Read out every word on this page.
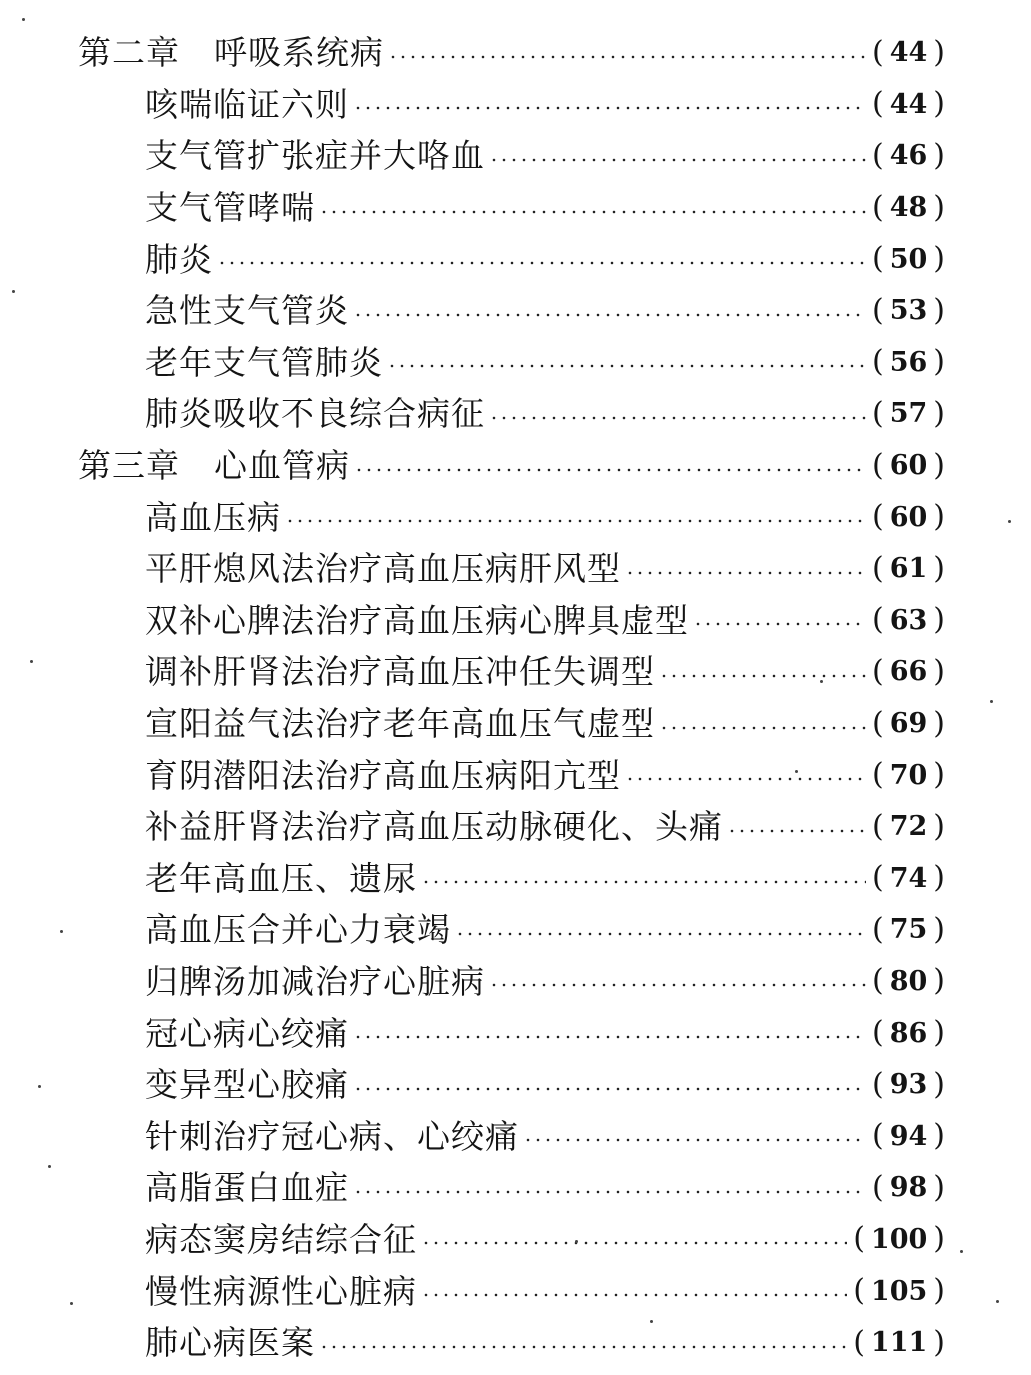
第二章 呼吸系统病	( 44 )
咳喘临证六则	( 44 )
支气管扩张症并大咯血	( 46 )
支气管哮喘	( 48 )
肺炎	( 50 )
急性支气管炎	( 53 )
老年支气管肺炎	( 56 )
肺炎吸收不良综合病征	( 57 )
第三章 心血管病	( 60 )
高血压病	( 60 )
平肝熄风法治疗高血压病肝风型	( 61 )
双补心脾法治疗高血压病心脾具虚型	( 63 )
调补肝肾法治疗高血压冲任失调型	( 66 )
宣阳益气法治疗老年高血压气虚型	( 69 )
育阴潜阳法治疗高血压病阳亢型	( 70 )
补益肝肾法治疗高血压动脉硬化、头痛	( 72 )
老年高血压、遗尿	( 74 )
高血压合并心力衰竭	( 75 )
归脾汤加减治疗心脏病	( 80 )
冠心病心绞痛	( 86 )
变异型心胶痛	( 93 )
针刺治疗冠心病、心绞痛	( 94 )
高脂蛋白血症	( 98 )
病态窦房结综合征	( 100 )
慢性病源性心脏病	( 105 )
肺心病医案	( 111 )
